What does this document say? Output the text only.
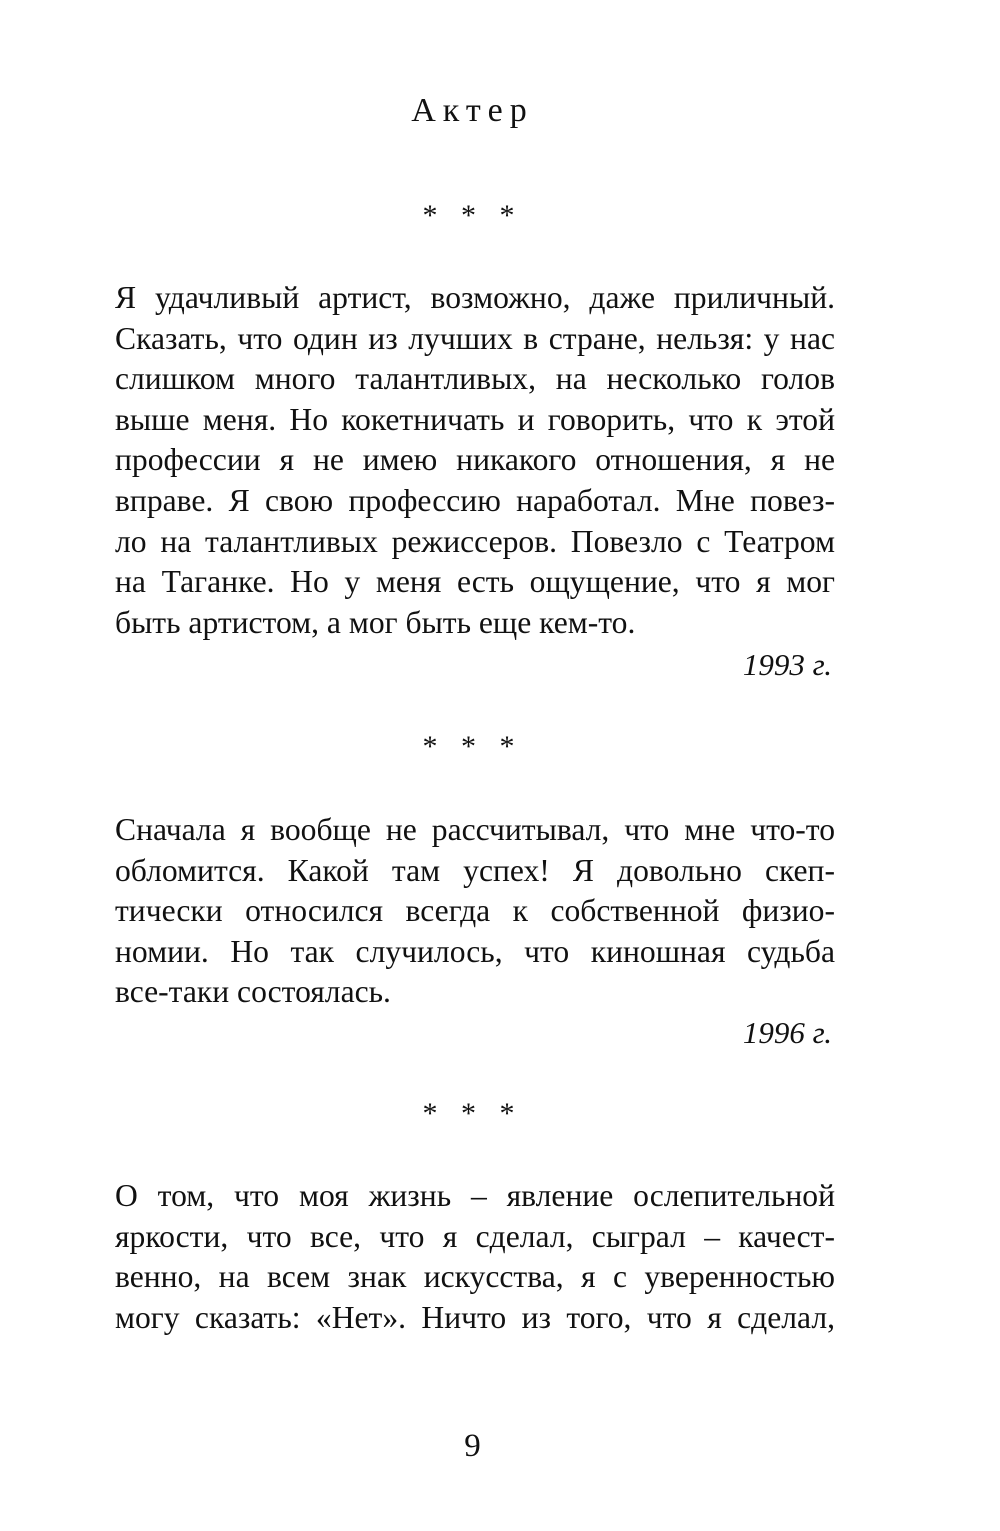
Актер
* * *

Я удачливый артист, возможно, даже приличный.
Сказать, что один из лучших в стране, нельзя: у нас
слишком много талантливых, на несколько голов
выше меня. Но кокетничать и говорить, что к этой
профессии я не имею никакого отношения, я не
вправе. Я свою профессию наработал. Мне повез-
ло на талантливых режиссеров. Повезло с Театром
на Таганке. Но у меня есть ощущение, что я мог
быть артистом, а мог быть еще кем-то.

1993 г.
* * *

Сначала я вообще не рассчитывал, что мне что-то
обломится. Какой там успех! Я довольно скеп-
тически относился всегда к собственной физио-
номии. Но так случилось, что киношная судьба
все-таки состоялась.

1996 г.
* * *

О том, что моя жизнь – явление ослепительной
яркости, что все, что я сделал, сыграл – качест-
венно, на всем знак искусства, я с уверенностью
могу сказать: «Нет». Ничто из того, что я сделал,

9
